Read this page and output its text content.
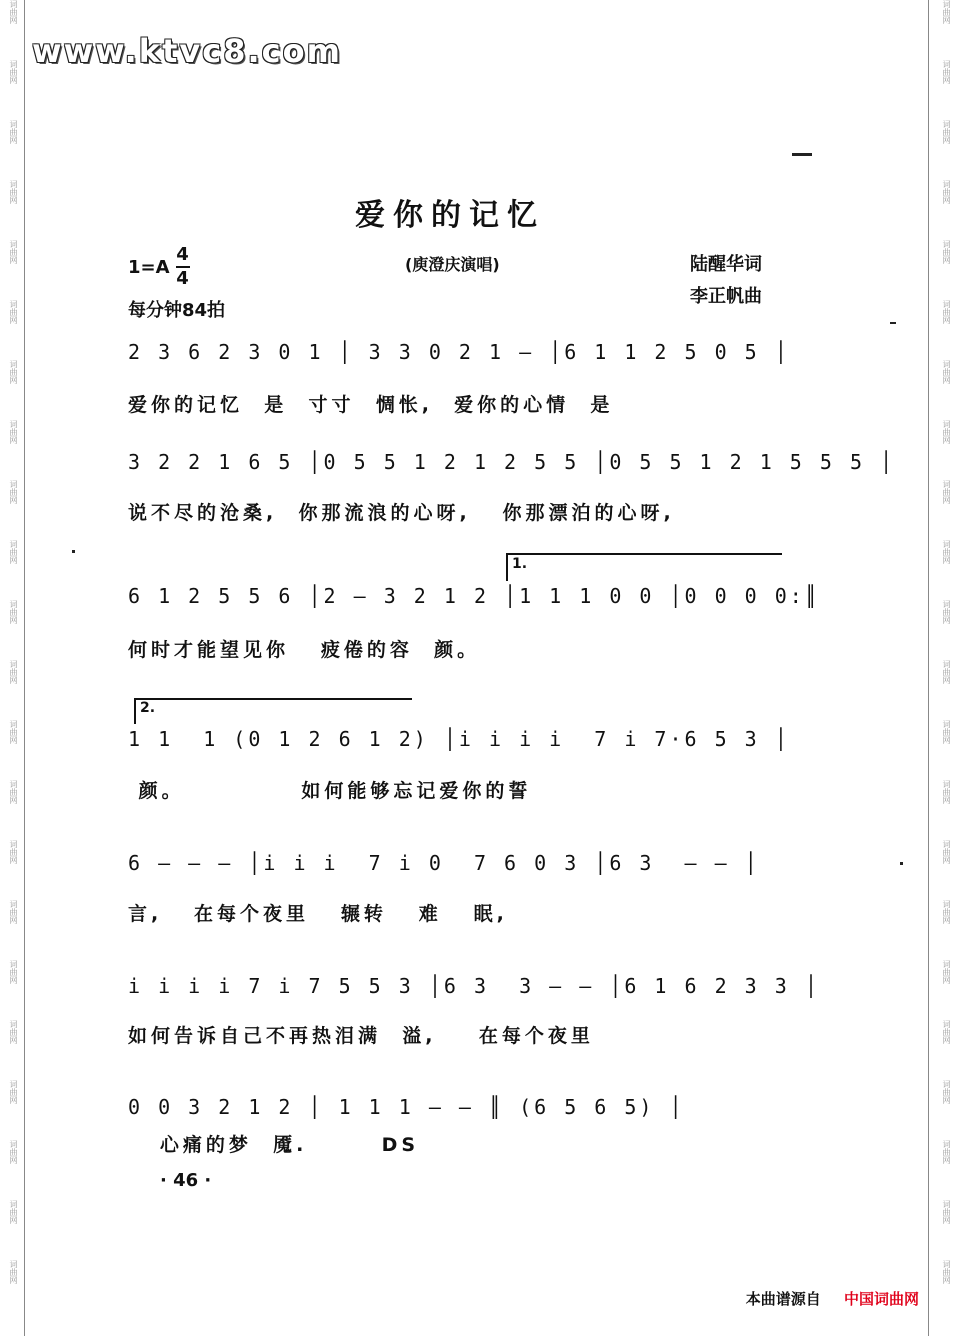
词曲网
词曲网
词曲网
词曲网
词曲网
词曲网
词曲网
词曲网
词曲网
词曲网
词曲网
词曲网
词曲网
词曲网
词曲网
词曲网
词曲网
词曲网
词曲网
词曲网
词曲网
词曲网
词曲网
词曲网
词曲网
词曲网
词曲网
词曲网
词曲网
词曲网
词曲网
词曲网
词曲网
词曲网
词曲网
词曲网
词曲网
词曲网
词曲网
词曲网
词曲网
词曲网
词曲网
词曲网
www.ktvc8.com
爱你的记忆
$1=A \frac{4}{4}$
每分钟84拍
(庾澄庆演唱)	陆醒华词
李正帆曲
2 3 6 2 3 0 1 │ 3 3 0 2 1 – │6 1 1 2 5 0 5 │
爱你的记忆  是  寸寸  惆怅,  爱你的心情  是
3 2 2 1 6 5 │0 5 5 1 2 1 2 5 5 │0 5 5 1 2 1 5 5 5 │
说不尽的沧桑,  你那流浪的心呀,   你那漂泊的心呀,
1.
6 1 2 5 5 6 │2 – 3 2 1 2 │1 1 1 0 0 │0 0 0 0:║
何时才能望见你   疲倦的容  颜。
2.
1 1  1 (0 1 2 6 1 2) │i i i i  7 i 7·6 5 3 │
颜。           如何能够忘记爱你的誓
6 – – – │i i i  7 i 0  7 6 0 3 │6 3  – – │
言,   在每个夜里   辗转   难   眠,
i i i i 7 i 7 5 5 3 │6 3  3 – – │6 1 6 2 3 3 │
如何告诉自己不再热泪满  溢,    在每个夜里
0 0 3 2 1 2 │ 1 1 1 – – ║ (6 5 6 5) │
心痛的梦  魇.       DS
· 46 ·
本曲谱源自 中国词曲网
